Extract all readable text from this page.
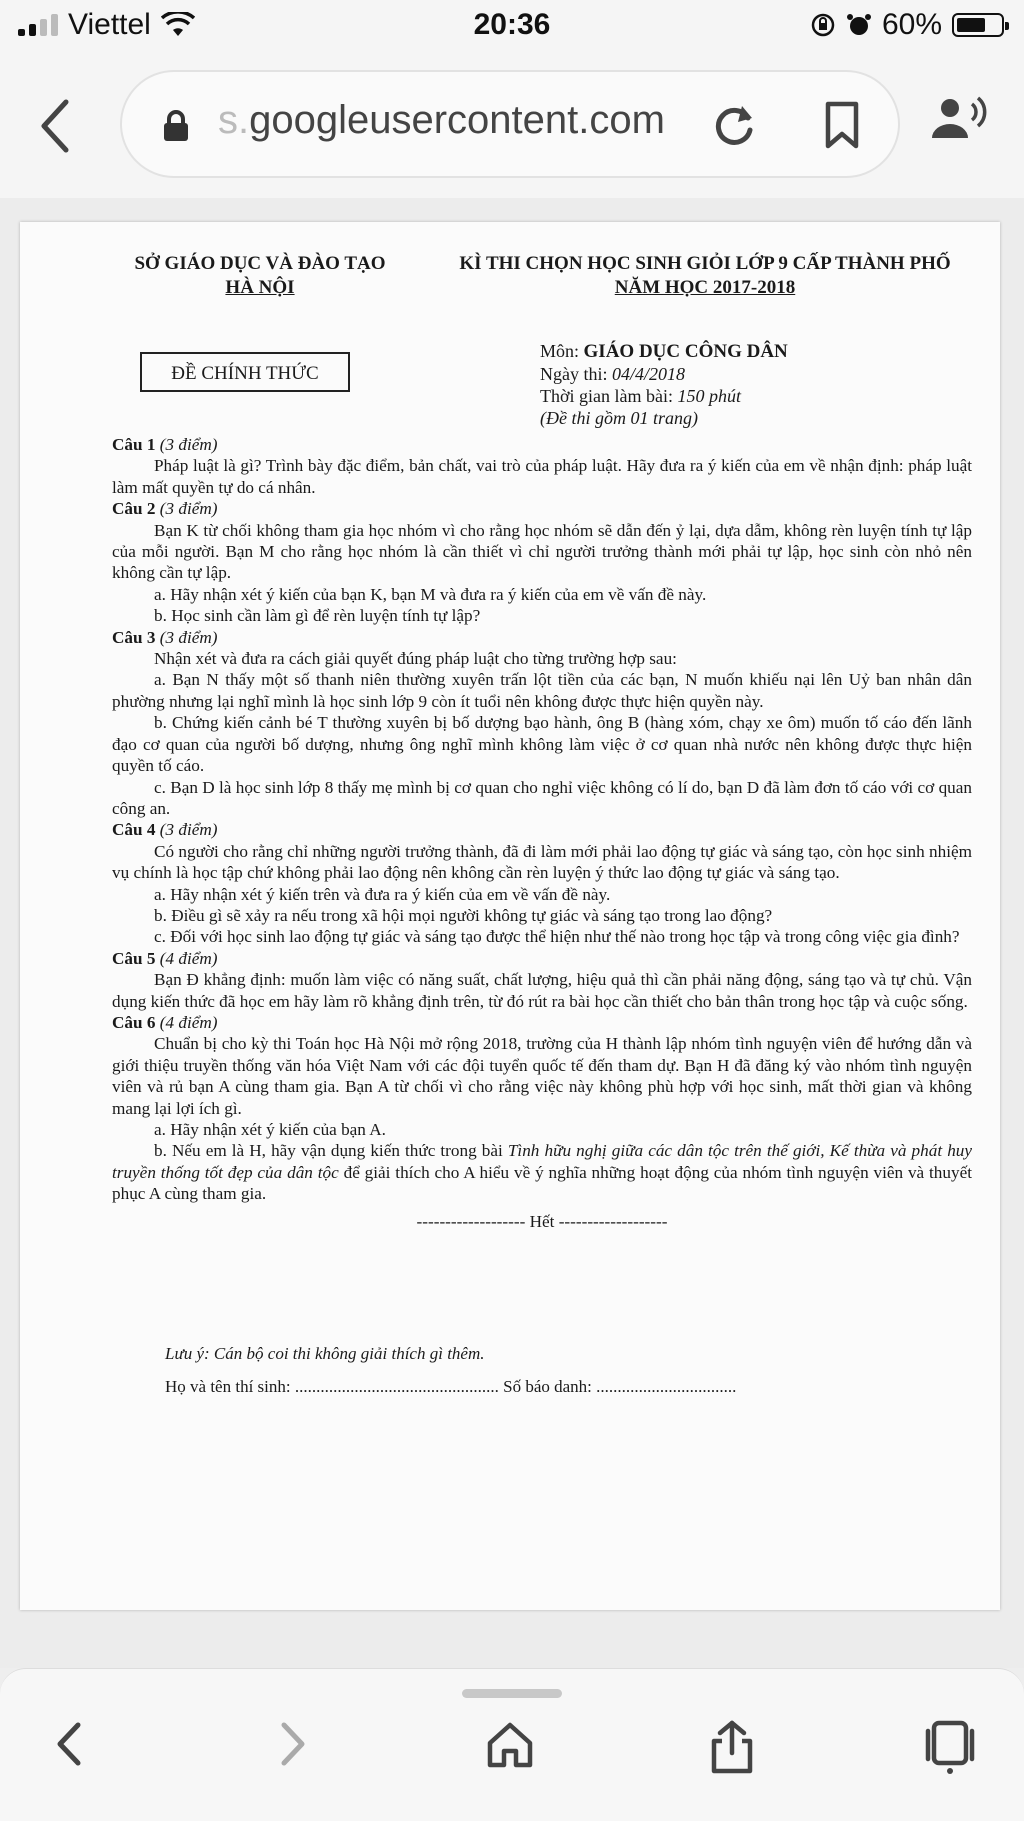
Viettel	20:36	60%
s.googleusercontent.com
SỞ GIÁO DỤC VÀ ĐÀO TẠO
HÀ NỘI
KÌ THI CHỌN HỌC SINH GIỎI LỚP 9 CẤP THÀNH PHỐ
NĂM HỌC 2017-2018
ĐỀ CHÍNH THỨC
Môn: GIÁO DỤC CÔNG DÂN
Ngày thi: 04/4/2018
Thời gian làm bài: 150 phút
(Đề thi gồm 01 trang)

Câu 1 (3 điểm)

Pháp luật là gì? Trình bày đặc điểm, bản chất, vai trò của pháp luật. Hãy đưa ra ý kiến của em về nhận định: pháp luật làm mất quyền tự do cá nhân.

Câu 2 (3 điểm)

Bạn K từ chối không tham gia học nhóm vì cho rằng học nhóm sẽ dẫn đến ỷ lại, dựa dẫm, không rèn luyện tính tự lập của mỗi người. Bạn M cho rằng học nhóm là cần thiết vì chỉ người trưởng thành mới phải tự lập, học sinh còn nhỏ nên không cần tự lập.

a. Hãy nhận xét ý kiến của bạn K, bạn M và đưa ra ý kiến của em về vấn đề này.

b. Học sinh cần làm gì để rèn luyện tính tự lập?

Câu 3 (3 điểm)

Nhận xét và đưa ra cách giải quyết đúng pháp luật cho từng trường hợp sau:

a. Bạn N thấy một số thanh niên thường xuyên trấn lột tiền của các bạn, N muốn khiếu nại lên Uỷ ban nhân dân phường nhưng lại nghĩ mình là học sinh lớp 9 còn ít tuổi nên không được thực hiện quyền này.

b. Chứng kiến cảnh bé T thường xuyên bị bố dượng bạo hành, ông B (hàng xóm, chạy xe ôm) muốn tố cáo đến lãnh đạo cơ quan của người bố dượng, nhưng ông nghĩ mình không làm việc ở cơ quan nhà nước nên không được thực hiện quyền tố cáo.

c. Bạn D là học sinh lớp 8 thấy mẹ mình bị cơ quan cho nghỉ việc không có lí do, bạn D đã làm đơn tố cáo với cơ quan công an.

Câu 4 (3 điểm)

Có người cho rằng chỉ những người trưởng thành, đã đi làm mới phải lao động tự giác và sáng tạo, còn học sinh nhiệm vụ chính là học tập chứ không phải lao động nên không cần rèn luyện ý thức lao động tự giác và sáng tạo.

a. Hãy nhận xét ý kiến trên và đưa ra ý kiến của em về vấn đề này.

b. Điều gì sẽ xảy ra nếu trong xã hội mọi người không tự giác và sáng tạo trong lao động?

c. Đối với học sinh lao động tự giác và sáng tạo được thể hiện như thế nào trong học tập và trong công việc gia đình?

Câu 5 (4 điểm)

Bạn Đ khẳng định: muốn làm việc có năng suất, chất lượng, hiệu quả thì cần phải năng động, sáng tạo và tự chủ. Vận dụng kiến thức đã học em hãy làm rõ khẳng định trên, từ đó rút ra bài học cần thiết cho bản thân trong học tập và cuộc sống.

Câu 6 (4 điểm)

Chuẩn bị cho kỳ thi Toán học Hà Nội mở rộng 2018, trường của H thành lập nhóm tình nguyện viên để hướng dẫn và giới thiệu truyền thống văn hóa Việt Nam với các đội tuyển quốc tế đến tham dự. Bạn H đã đăng ký vào nhóm tình nguyện viên và rủ bạn A cùng tham gia. Bạn A từ chối vì cho rằng việc này không phù hợp với học sinh, mất thời gian và không mang lại lợi ích gì.

a. Hãy nhận xét ý kiến của bạn A.

b. Nếu em là H, hãy vận dụng kiến thức trong bài Tình hữu nghị giữa các dân tộc trên thế giới, Kế thừa và phát huy truyền thống tốt đẹp của dân tộc để giải thích cho A hiểu về ý nghĩa những hoạt động của nhóm tình nguyện viên và thuyết phục A cùng tham gia.

------------------- Hết -------------------

Lưu ý: Cán bộ coi thi không giải thích gì thêm.
Họ và tên thí sinh: ................................................ Số báo danh: .................................
